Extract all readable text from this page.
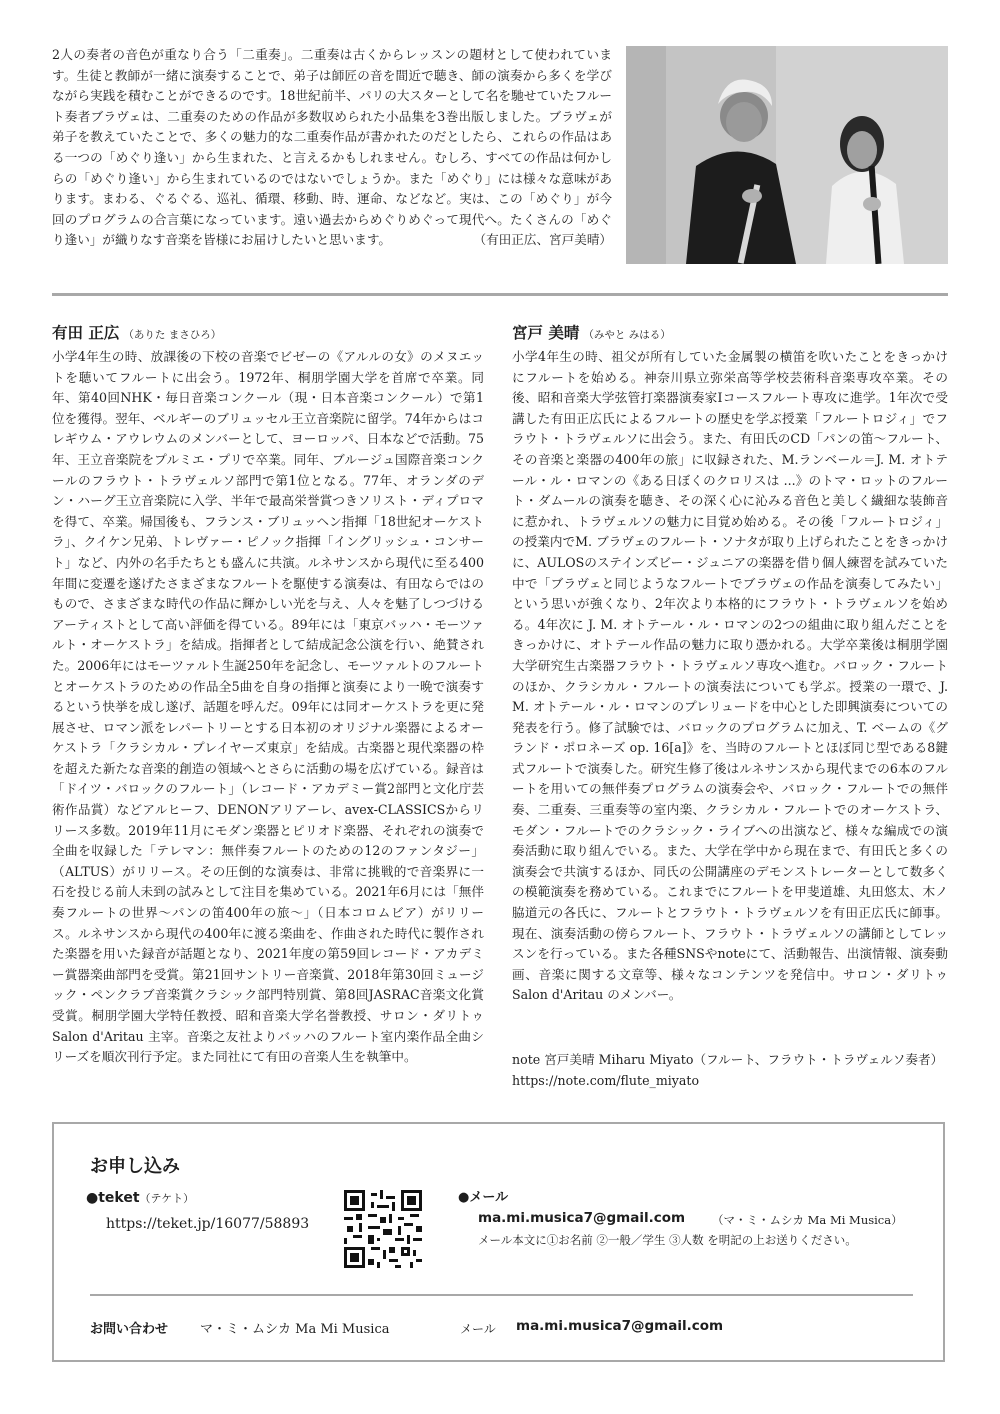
2人の奏者の音色が重なり合う「二重奏」。二重奏は古くからレッスンの題材として使われています。生徒と教師が一緒に演奏することで、弟子は師匠の音を間近で聴き、師の演奏から多くを学びながら実践を積むことができるのです。18世紀前半、パリの大スターとして名を馳せていたフルート奏者ブラヴェは、二重奏のための作品が多数収められた小品集を3巻出版しました。ブラヴェが弟子を教えていたことで、多くの魅力的な二重奏作品が書かれたのだとしたら、これらの作品はある一つの「めぐり逢い」から生まれた、と言えるかもしれません。むしろ、すべての作品は何かしらの「めぐり逢い」から生まれているのではないでしょうか。また「めぐり」には様々な意味があります。まわる、ぐるぐる、巡礼、循環、移動、時、運命、などなど。実は、この「めぐり」が今回のプログラムの合言葉になっています。遠い過去からめぐりめぐって現代へ。たくさんの「めぐり逢い」が織りなす音楽を皆様にお届けしたいと思います。	（有田正広、宮戸美晴）
有田 正広 （ありた まさひろ）
小学4年生の時、放課後の下校の音楽でビゼーの《アルルの女》のメヌエットを聴いてフルートに出会う。1972年、桐朋学園大学を首席で卒業。同年、第40回NHK・毎日音楽コンクール（現・日本音楽コンクール）で第1位を獲得。翌年、ベルギーのブリュッセル王立音楽院に留学。74年からはコレギウム・アウレウムのメンバーとして、ヨーロッパ、日本などで活動。75年、王立音楽院をプルミエ・プリで卒業。同年、ブルージュ国際音楽コンクールのフラウト・トラヴェルソ部門で第1位となる。77年、オランダのデン・ハーグ王立音楽院に入学、半年で最高栄誉賞つきソリスト・ディプロマを得て、卒業。帰国後も、フランス・ブリュッヘン指揮「18世紀オーケストラ」、クイケン兄弟、トレヴァー・ピノック指揮「イングリッシュ・コンサート」など、内外の名手たちとも盛んに共演。ルネサンスから現代に至る400年間に変遷を遂げたさまざまなフルートを駆使する演奏は、有田ならではのもので、さまざまな時代の作品に輝かしい光を与え、人々を魅了しつづけるアーティストとして高い評価を得ている。89年には「東京バッハ・モーツァルト・オーケストラ」を結成。指揮者として結成記念公演を行い、絶賛された。2006年にはモーツァルト生誕250年を記念し、モーツァルトのフルートとオーケストラのための作品全5曲を自身の指揮と演奏により一晩で演奏するという快挙を成し遂げ、話題を呼んだ。09年には同オーケストラを更に発展させ、ロマン派をレパートリーとする日本初のオリジナル楽器によるオーケストラ「クラシカル・プレイヤーズ東京」を結成。古楽器と現代楽器の枠を超えた新たな音楽的創造の領域へとさらに活動の場を広げている。録音は「ドイツ・バロックのフルート」（レコード・アカデミー賞2部門と文化庁芸術作品賞）などアルヒーフ、DENONアリアーレ、avex-CLASSICSからリリース多数。2019年11月にモダン楽器とピリオド楽器、それぞれの演奏で全曲を収録した「テレマン：無伴奏フルートのための12のファンタジー」（ALTUS）がリリース。その圧倒的な演奏は、非常に挑戦的で音楽界に一石を投じる前人未到の試みとして注目を集めている。2021年6月には「無伴奏フルートの世界～パンの笛400年の旅～」（日本コロムビア）がリリース。ルネサンスから現代の400年に渡る楽曲を、作曲された時代に製作された楽器を用いた録音が話題となり、2021年度の第59回レコード・アカデミー賞器楽曲部門を受賞。第21回サントリー音楽賞、2018年第30回ミュージック・ペンクラブ音楽賞クラシック部門特別賞、第8回JASRAC音楽文化賞受賞。桐朋学園大学特任教授、昭和音楽大学名誉教授、サロン・ダリトゥ Salon d'Aritau 主宰。音楽之友社よりバッハのフルート室内楽作品全曲シリーズを順次刊行予定。また同社にて有田の音楽人生を執筆中。
宮戸 美晴 （みやと みはる）
小学4年生の時、祖父が所有していた金属製の横笛を吹いたことをきっかけにフルートを始める。神奈川県立弥栄高等学校芸術科音楽専攻卒業。その後、昭和音楽大学弦管打楽器演奏家Iコースフルート専攻に進学。1年次で受講した有田正広氏によるフルートの歴史を学ぶ授業「フルートロジィ」でフラウト・トラヴェルソに出会う。また、有田氏のCD「パンの笛～フルート、その音楽と楽器の400年の旅」に収録された、M.ランベール＝J. M. オトテール・ル・ロマンの《ある日ぼくのクロリスは ...》のトマ・ロットのフルート・ダムールの演奏を聴き、その深く心に沁みる音色と美しく繊細な装飾音に惹かれ、トラヴェルソの魅力に目覚め始める。その後「フルートロジィ」の授業内でM. ブラヴェのフルート・ソナタが取り上げられたことをきっかけに、AULOSのステインズビー・ジュニアの楽器を借り個人練習を試みていた中で「ブラヴェと同じようなフルートでブラヴェの作品を演奏してみたい」という思いが強くなり、2年次より本格的にフラウト・トラヴェルソを始める。4年次に J. M. オトテール・ル・ロマンの2つの組曲に取り組んだことをきっかけに、オトテール作品の魅力に取り憑かれる。大学卒業後は桐朋学園大学研究生古楽器フラウト・トラヴェルソ専攻へ進む。バロック・フルートのほか、クラシカル・フルートの演奏法についても学ぶ。授業の一環で、J. M. オトテール・ル・ロマンのプレリュードを中心とした即興演奏についての発表を行う。修了試験では、バロックのプログラムに加え、T. ベームの《グランド・ポロネーズ op. 16[a]》を、当時のフルートとほぼ同じ型である8鍵式フルートで演奏した。研究生修了後はルネサンスから現代までの6本のフルートを用いての無伴奏プログラムの演奏会や、バロック・フルートでの無伴奏、二重奏、三重奏等の室内楽、クラシカル・フルートでのオーケストラ、モダン・フルートでのクラシック・ライブへの出演など、様々な編成での演奏活動に取り組んでいる。また、大学在学中から現在まで、有田氏と多くの演奏会で共演するほか、同氏の公開講座のデモンストレーターとして数多くの模範演奏を務めている。これまでにフルートを甲斐道雄、丸田悠太、木ノ脇道元の各氏に、フルートとフラウト・トラヴェルソを有田正広氏に師事。現在、演奏活動の傍らフルート、フラウト・トラヴェルソの講師としてレッスンを行っている。また各種SNSやnoteにて、活動報告、出演情報、演奏動画、音楽に関する文章等、様々なコンテンツを発信中。サロン・ダリトゥ Salon d'Aritau のメンバー。
note 宮戸美晴 Miharu Miyato（フルート、フラウト・トラヴェルソ奏者）
https://note.com/flute_miyato
お申し込み
●teket（テケト）
https://teket.jp/16077/58893
●メール
ma.mi.musica7@gmail.com （マ・ミ・ムシカ Ma Mi Musica）
メール本文に①お名前 ②一般／学生 ③人数 を明記の上お送りください。
お問い合わせ マ・ミ・ムシカ Ma Mi Musica	メール ma.mi.musica7@gmail.com
